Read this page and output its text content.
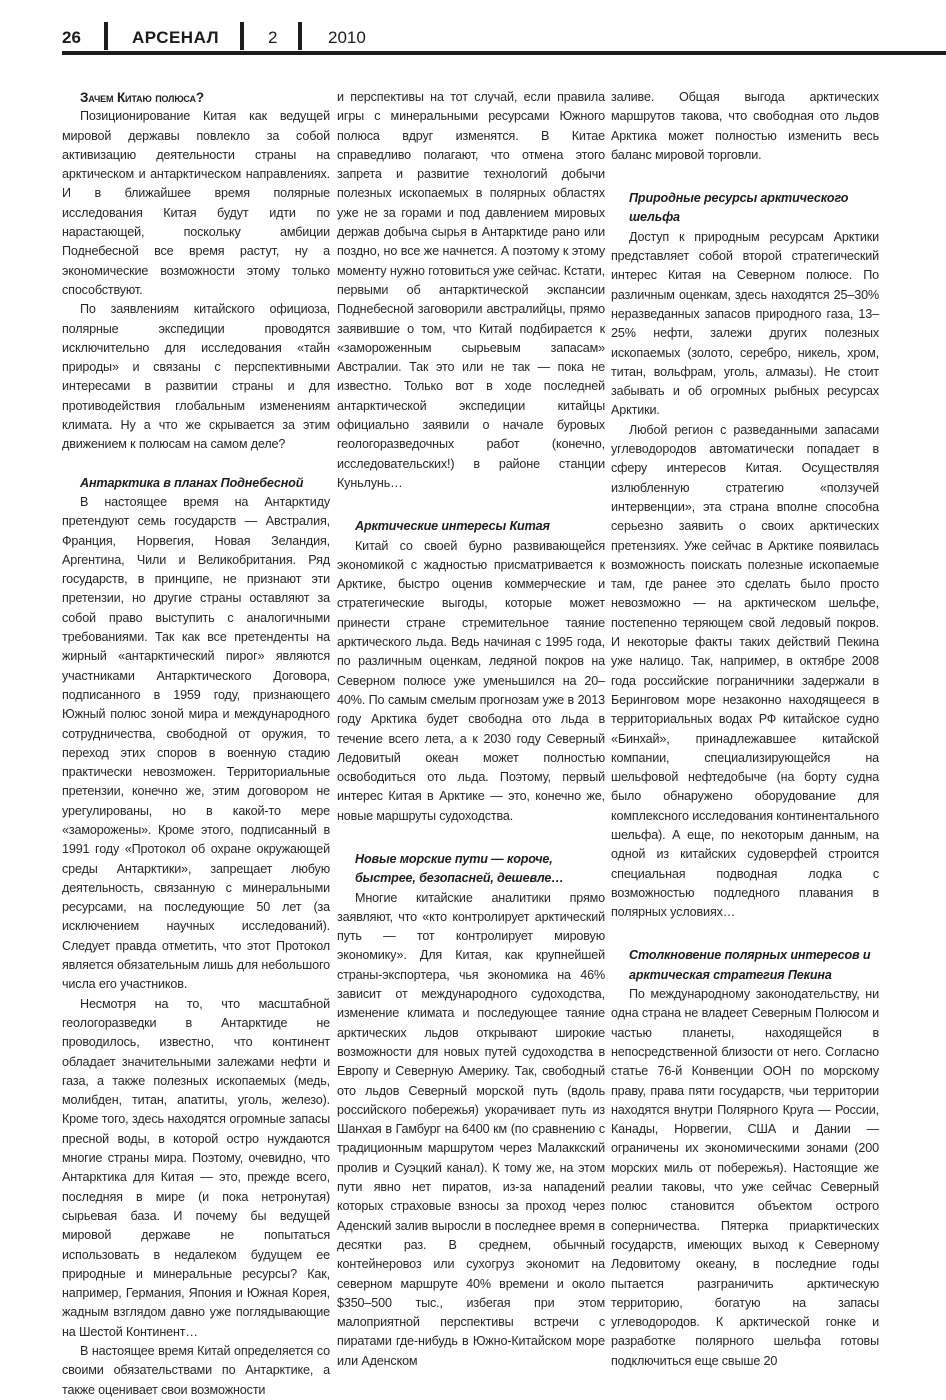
26	АРСЕНАЛ	2	2010
Зачем Китаю полюса?

Позиционирование Китая как ведущей мировой державы повлекло за собой активизацию деятельности страны на арктическом и антарктическом направлениях. И в ближайшее время полярные исследования Китая будут идти по нарастающей, поскольку амбиции Поднебесной все время растут, ну а экономические возможности этому только способствуют.

По заявлениям китайского официоза, полярные экспедиции проводятся исключительно для исследования «тайн природы» и связаны с перспективными интересами в развитии страны и для противодействия глобальным изменениям климата. Ну а что же скрывается за этим движением к полюсам на самом деле?

Антарктика в планах Поднебесной

В настоящее время на Антарктиду претендуют семь государств — Австралия, Франция, Норвегия, Новая Зеландия, Аргентина, Чили и Великобритания. Ряд государств, в принципе, не признают эти претензии, но другие страны оставляют за собой право выступить с аналогичными требованиями. Так как все претенденты на жирный «антарктический пирог» являются участниками Антарктического Договора, подписанного в 1959 году, признающего Южный полюс зоной мира и международного сотрудничества, свободной от оружия, то переход этих споров в военную стадию практически невозможен. Территориальные претензии, конечно же, этим договором не урегулированы, но в какой-то мере «заморожены». Кроме этого, подписанный в 1991 году «Протокол об охране окружающей среды Антарктики», запрещает любую деятельность, связанную с минеральными ресурсами, на последующие 50 лет (за исключением научных исследований). Следует правда отметить, что этот Протокол является обязательным лишь для небольшого числа его участников.

Несмотря на то, что масштабной геологоразведки в Антарктиде не проводилось, известно, что континент обладает значительными залежами нефти и газа, а также полезных ископаемых (медь, молибден, титан, апатиты, уголь, железо). Кроме того, здесь находятся огромные запасы пресной воды, в которой остро нуждаются многие страны мира. Поэтому, очевидно, что Антарктика для Китая — это, прежде всего, последняя в мире (и пока нетронутая) сырьевая база. И почему бы ведущей мировой державе не попытаться использовать в недалеком будущем ее природные и минеральные ресурсы? Как, например, Германия, Япония и Южная Корея, жадным взглядом давно уже поглядывающие на Шестой Континент…

В настоящее время Китай определяется со своими обязательствами по Антарктике, а также оценивает свои возможности

и перспективы на тот случай, если правила игры с минеральными ресурсами Южного полюса вдруг изменятся. В Китае справедливо полагают, что отмена этого запрета и развитие технологий добычи полезных ископаемых в полярных областях уже не за горами и под давлением мировых держав добыча сырья в Антарктиде рано или поздно, но все же начнется. А поэтому к этому моменту нужно готовиться уже сейчас. Кстати, первыми об антарктической экспансии Поднебесной заговорили австралийцы, прямо заявившие о том, что Китай подбирается к «замороженным сырьевым запасам» Австралии. Так это или не так — пока не известно. Только вот в ходе последней антарктической экспедиции китайцы официально заявили о начале буровых геологоразведочных работ (конечно, исследовательских!) в районе станции Куньлунь…

Арктические интересы Китая

Китай со своей бурно развивающейся экономикой с жадностью присматривается к Арктике, быстро оценив коммерческие и стратегические выгоды, которые может принести стране стремительное таяние арктического льда. Ведь начиная с 1995 года, по различным оценкам, ледяной покров на Северном полюсе уже уменьшился на 20–40%. По самым смелым прогнозам уже в 2013 году Арктика будет свободна ото льда в течение всего лета, а к 2030 году Северный Ледовитый океан может полностью освободиться ото льда. Поэтому, первый интерес Китая в Арктике — это, конечно же, новые маршруты судоходства.

Новые морские пути — короче, быстрее, безопасней, дешевле…

Многие китайские аналитики прямо заявляют, что «кто контролирует арктический путь — тот контролирует мировую экономику». Для Китая, как крупнейшей страны-экспортера, чья экономика на 46% зависит от международного судоходства, изменение климата и последующее таяние арктических льдов открывают широкие возможности для новых путей судоходства в Европу и Северную Америку. Так, свободный ото льдов Северный морской путь (вдоль российского побережья) укорачивает путь из Шанхая в Гамбург на 6400 км (по сравнению с традиционным маршрутом через Малаккский пролив и Суэцкий канал). К тому же, на этом пути явно нет пиратов, из-за нападений которых страховые взносы за проход через Аденский залив выросли в последнее время в десятки раз. В среднем, обычный контейнеровоз или сухогруз экономит на северном маршруте 40% времени и около $350–500 тыс., избегая при этом малоприятной перспективы встречи с пиратами где-нибудь в Южно-Китайском море или Аденском

заливе. Общая выгода арктических маршрутов такова, что свободная ото льдов Арктика может полностью изменить весь баланс мировой торговли.

Природные ресурсы арктического шельфа

Доступ к природным ресурсам Арктики представляет собой второй стратегический интерес Китая на Северном полюсе. По различным оценкам, здесь находятся 25–30% неразведанных запасов природного газа, 13–25% нефти, залежи других полезных ископаемых (золото, серебро, никель, хром, титан, вольфрам, уголь, алмазы). Не стоит забывать и об огромных рыбных ресурсах Арктики.

Любой регион с разведанными запасами углеводородов автоматически попадает в сферу интересов Китая. Осуществляя излюбленную стратегию «ползучей интервенции», эта страна вполне способна серьезно заявить о своих арктических претензиях. Уже сейчас в Арктике появилась возможность поискать полезные ископаемые там, где ранее это сделать было просто невозможно — на арктическом шельфе, постепенно теряющем свой ледовый покров. И некоторые факты таких действий Пекина уже налицо. Так, например, в октябре 2008 года российские пограничники задержали в Беринговом море незаконно находящееся в территориальных водах РФ китайское судно «Бинхай», принадлежавшее китайской компании, специализирующейся на шельфовой нефтедобыче (на борту судна было обнаружено оборудование для комплексного исследования континентального шельфа). А еще, по некоторым данным, на одной из китайских судоверфей строится специальная подводная лодка с возможностью подледного плавания в полярных условиях…

Столкновение полярных интересов и арктическая стратегия Пекина

По международному законодательству, ни одна страна не владеет Северным Полюсом и частью планеты, находящейся в непосредственной близости от него. Согласно статье 76-й Конвенции ООН по морскому праву, права пяти государств, чьи территории находятся внутри Полярного Круга — России, Канады, Норвегии, США и Дании — ограничены их экономическими зонами (200 морских миль от побережья). Настоящие же реалии таковы, что уже сейчас Северный полюс становится объектом острого соперничества. Пятерка приарктических государств, имеющих выход к Северному Ледовитому океану, в последние годы пытается разграничить арктическую территорию, богатую на запасы углеводородов. К арктической гонке и разработке полярного шельфа готовы подключиться еще свыше 20
